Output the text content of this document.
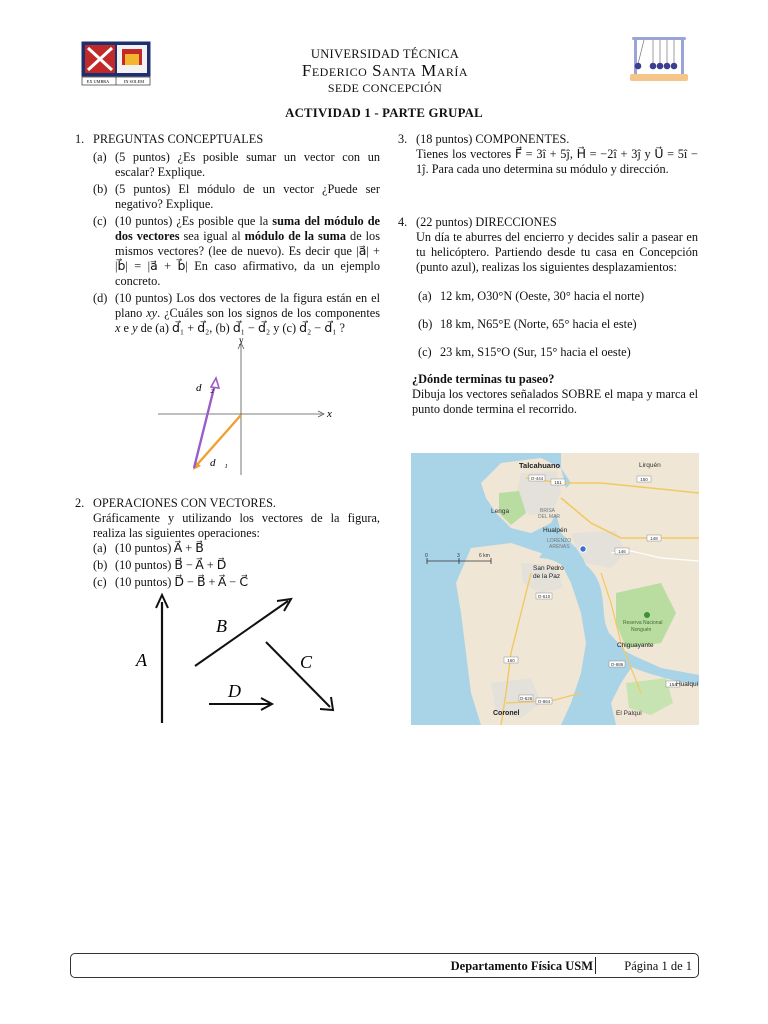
EX UMBRA	IN SOLEM
UNIVERSIDAD TÉCNICA
Federico Santa María
SEDE CONCEPCIÓN
ACTIVIDAD 1 - PARTE GRUPAL
1. PREGUNTAS CONCEPTUALES
(a) (5 puntos) ¿Es posible sumar un vector con un escalar? Explique.
(b) (5 puntos) El módulo de un vector ¿Puede ser negativo? Explique.
(c) (10 puntos) ¿Es posible que la suma del módulo de dos vectores sea igual al módulo de la suma de los mismos vectores? (lee de nuevo). Es decir que |a⃗| + |b⃗| = |a⃗ + b⃗| En caso afirmativo, da un ejemplo concreto.
(d) (10 puntos) Los dos vectores de la figura están en el plano xy. ¿Cuáles son los signos de los componentes x e y de (a) d⃗₁ + d⃗₂, (b) d⃗₁ − d⃗₂ y (c) d⃗₂ − d⃗₁ ?
x
y
d⃗₂
d⃗₁
2. OPERACIONES CON VECTORES.
Gráficamente y utilizando los vectores de la figura, realiza las siguientes operaciones:
(a) (10 puntos) A⃗ + B⃗
(b) (10 puntos) B⃗ − A⃗ + D⃗
(c) (10 puntos) D⃗ − B⃗ + A⃗ − C⃗
A⃗
B⃗
C⃗
D⃗
3. (18 puntos) COMPONENTES.
Tienes los vectores F⃗ = 3î + 5ĵ, H⃗ = −2î + 3ĵ y U⃗ = 5î − 1ĵ. Para cada uno determina su módulo y dirección.
4. (22 puntos) DIRECCIONES
Un día te aburres del encierro y decides salir a pasear en tu helicóptero. Partiendo desde tu casa en Concepción (punto azul), realizas los siguientes desplazamientos:
(a) 12 km, O30°N (Oeste, 30° hacia el norte)
(b) 18 km, N65°E (Norte, 65° hacia el este)
(c) 23 km, S15°O (Sur, 15° hacia el oeste)
¿Dónde terminas tu paseo?
Dibuja los vectores señalados SOBRE el mapa y marca el punto donde termina el recorrido.
151
O-444	150
148
146
O-610
160
O-686
154
O-864
O-626
Talcahuano	Lirquén
Lenga	BRISA
DEL MAR
Hualpén
LORENZO
ARENAS
San Pedro
de la Paz
Reserva Nacional
Nonguén
Chiguayante
Hualqui
Coronel	El Palqui
0	3	6 km
Departamento Física USM	Página 1 de 1
